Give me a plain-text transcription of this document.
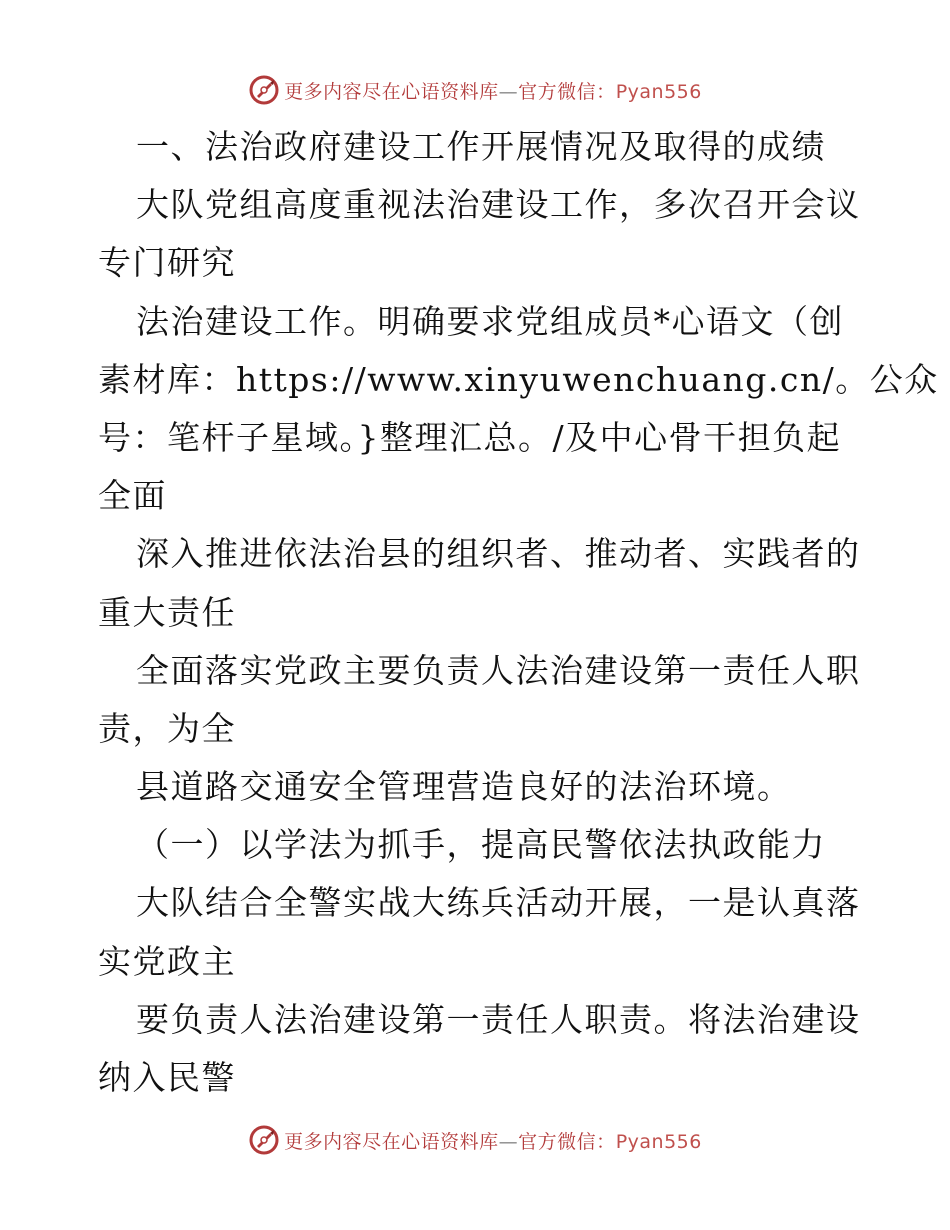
更多内容尽在心语资料库—官方微信：Pyan556
一、法治政府建设工作开展情况及取得的成绩
大队党组高度重视法治建设工作，多次召开会议
专门研究
法治建设工作。明确要求党组成员*心语文（创
素材库：https://www.xinyuwenchuang.cn/。公众
号：笔杆子星域。}整理汇总。/及中心骨干担负起
全面
深入推进依法治县的组织者、推动者、实践者的
重大责任
全面落实党政主要负责人法治建设第一责任人职
责，为全
县道路交通安全管理营造良好的法治环境。
（一）以学法为抓手，提高民警依法执政能力
大队结合全警实战大练兵活动开展，一是认真落
实党政主
要负责人法治建设第一责任人职责。将法治建设
纳入民警
更多内容尽在心语资料库—官方微信：Pyan556
